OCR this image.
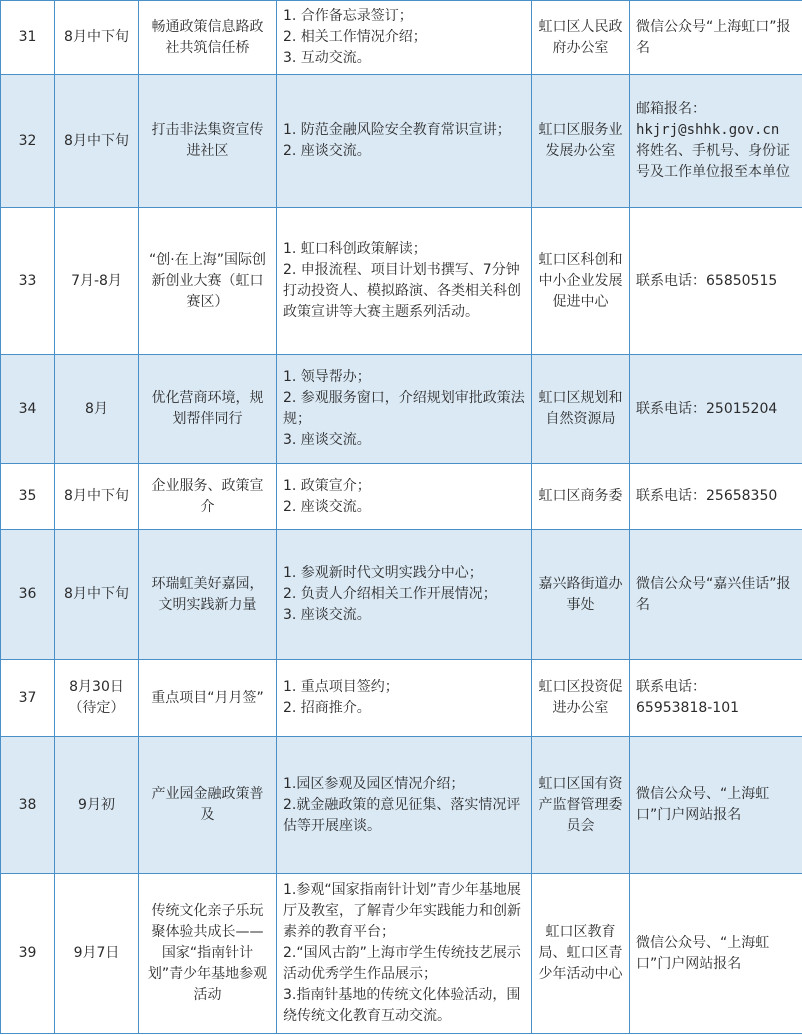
31	8月中下旬	畅通政策信息路政社共筑信任桥	1. 合作备忘录签订；
2. 相关工作情况介绍；
3. 互动交流。	虹口区人民政府办公室	微信公众号“上海虹口”报名

32	8月中下旬	打击非法集资宣传进社区	1. 防范金融风险安全教育常识宣讲；
2. 座谈交流。	虹口区服务业发展办公室	邮箱报名：
hkjrj@shhk.gov.cn
将姓名、手机号、身份证号及工作单位报至本单位

33	7月-8月	“创·在上海”国际创新创业大赛（虹口赛区）	1. 虹口科创政策解读；
2. 申报流程、项目计划书撰写、7分钟打动投资人、模拟路演、各类相关科创政策宣讲等大赛主题系列活动。	虹口区科创和中小企业发展促进中心	联系电话：65850515

34	8月	优化营商环境，规划帮伴同行	1. 领导帮办；
2. 参观服务窗口，介绍规划审批政策法规；
3. 座谈交流。	虹口区规划和自然资源局	联系电话：25015204

35	8月中下旬	企业服务、政策宣介	1. 政策宣介；
2. 座谈交流。	虹口区商务委	联系电话：25658350

36	8月中下旬	环瑞虹美好嘉园，文明实践新力量	1. 参观新时代文明实践分中心；
2. 负责人介绍相关工作开展情况；
3. 座谈交流。	嘉兴路街道办事处	微信公众号“嘉兴佳话”报名

37	8月30日（待定）	重点项目“月月签”	1. 重点项目签约；
2. 招商推介。	虹口区投资促进办公室	联系电话：
65953818-101

38	9月初	产业园金融政策普及	1.园区参观及园区情况介绍；
2.就金融政策的意见征集、落实情况评估等开展座谈。	虹口区国有资产监督管理委员会	微信公众号、“上海虹口”门户网站报名

39	9月7日	传统文化亲子乐玩聚体验共成长——国家“指南针计划”青少年基地参观活动	1.参观“国家指南针计划”青少年基地展厅及教室，了解青少年实践能力和创新素养的教育平台；
2.“国风古韵”上海市学生传统技艺展示活动优秀学生作品展示；
3.指南针基地的传统文化体验活动，围绕传统文化教育互动交流。	虹口区教育局、虹口区青少年活动中心	微信公众号、“上海虹口”门户网站报名
